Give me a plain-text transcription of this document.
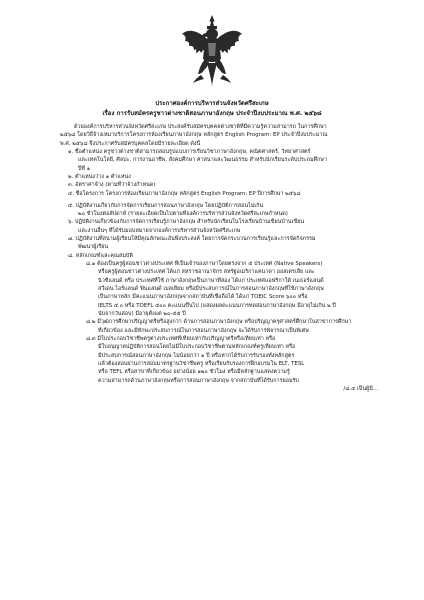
ประกาศองค์การบริหารส่วนจังหวัดศรีสะเกษ
เรื่อง การรับสมัครครูชาวต่างชาติสอนภาษาอังกฤษ ประจำปีงบประมาณ พ.ศ. ๒๕๖๘
ด้วยองค์การบริหารส่วนจังหวัดศรีสะเกษ ประสงค์รับสมัครบุคคลต่างชาติที่มีความรู้ความสามารถ ในการศึกษา
๒๕๖๘ โดยวิธีจ้างเหมาบริการโครงการห้องเรียนภาษาอังกฤษ หลักสูตร English Program: EP ประจำปีงบประมาณ
พ.ศ. ๒๕๖๘ จึงประกาศรับสมัครบุคคลโดยมีรายละเอียด ดังนี้
๑. ชื่อตำแหน่ง ครูชาวต่างชาติสามารถสอนรูปแบบการเรียนวิชาภาษาอังกฤษ, คณิตศาสตร์, วิทยาศาสตร์
และเทคโนโลยี, ศิลปะ, การงานอาชีพ, สังคมศึกษา ศาสนาและวัฒนธรรม สำหรับนักเรียนระดับประถมศึกษา
ปีที่ ๑
๒. ตำแหน่งว่าง ๑ ตำแหน่ง
๓. อัตราค่าจ้าง (ตามที่ว่าจ้างกำหนด)
๔. ชื่อโครงการ โครงการห้องเรียนภาษาอังกฤษ หลักสูตร English Program: EP ปีการศึกษา ๒๕๖๘
๕. ปฏิบัติงานเกี่ยวกับการจัดการเรียนการสอนภาษาอังกฤษ โดยปฏิบัติการสอนไม่เกิน
๒๐ ชั่วโมงต่อสัปดาห์ (รายละเอียดเป็นไปตามที่องค์การบริหารส่วนจังหวัดศรีสะเกษกำหนด)
๖. ปฏิบัติงานเกี่ยวข้องกับการจัดการเรียนรู้ภาษาอังกฤษ สำหรับนักเรียนในโรงเรียนบ้านเขียนบ้านเขียน
และงานอื่นๆ ที่ได้รับมอบหมายจากองค์การบริหารส่วนจังหวัดศรีสะเกษ
๗. ปฏิบัติงานที่สนามผู้เรียนให้มีคุณลักษณะอันพึงประสงค์ โดยการจัดกระบวนการเรียนรู้และการจัดกิจกรรม
พัฒนาผู้เรียน
๘. หลักเกณฑ์และคุณสมบัติ
๘.๑ ต้องเป็นครูผู้สอนชาวต่างประเทศ ที่เป็นเจ้าของภาษาโดยตรงจาก ๕ ประเทศ (Native Speakers)
หรือครูผู้สอนชาวต่างประเทศ ได้แก่ สหราชอาณาจักร สหรัฐอเมริกาแคนาดา ออสเตรเลีย และ
นิวซีแลนด์ หรือ ประเทศที่ใช้ ภาษาอังกฤษเป็นภาษาที่สอง ได้แก่ ประเทศแอฟริกาใต้ เนเธอร์แลนด์
สวีเดน ไอร์แลนด์ ฟินแลนด์ เบลเยียม หรือมีประสบการณ์ในการสอนภาษาอังกฤษที่ใช้ภาษาอังกฤษ
เป็นภาษาหลัก มีคะแนนภาษาอังกฤษจากสถาบันที่เชื่อถือได้ ได้แก่ TOEIC Score ๖๐๐ หรือ
IELTS ๕.๐ หรือ TOEFL ๕๐๐ คะแนนขึ้นไป (แสดงผลคะแนนการทดสอบภาษาอังกฤษ มีอายุไม่เกิน ๒ ปี
นับจากวันสอบ) มีอายุตั้งแต่ ๒๐-๕๕ ปี
๘.๒ มีวุฒิการศึกษาปริญญาตรีหรือสูงกว่า ด้านการสอนภาษาอังกฤษ หรือปริญญาครุศาสตร์ศึกษาในสาขาการศึกษา
ที่เกี่ยวข้อง และมีทักษะประสบการณ์ในการสอนภาษาอังกฤษ จะได้รับการพิจารณาเป็นพิเศษ
๘.๓ มีใบประกอบวิชาชีพครูต่างประเทศที่เทียบเท่ากับปริญญาตรีหรือเทียบเท่า หรือ
มีใบอนุญาตปฏิบัติการสอนโดยไม่มีใบประกอบวิชาชีพตามหลักเกณฑ์ครูเทียบเท่า หรือ
มีประสบการณ์สอนภาษาอังกฤษ ไม่น้อยกว่า ๑ ปี หรือหากได้รับการรับรองทั้งหลักสูตร
แล้วต้องสอบผ่านการสอบมาตรฐานวิชาชีพครู หรือเรียนรับรองการฝึกอบรมใน ELT, TESL
หรือ TEFL หรือสาขาที่เกี่ยวข้อง อย่างน้อย ๑๒๐ ชั่วโมง หรือมีหลักฐานแสดงความรู้
ความสามารถด้านภาษาอังกฤษหรือการสอนภาษาอังกฤษ จากสถาบันที่ได้รับการยอมรับ
/๘.๔ เป็นผู้มี...
